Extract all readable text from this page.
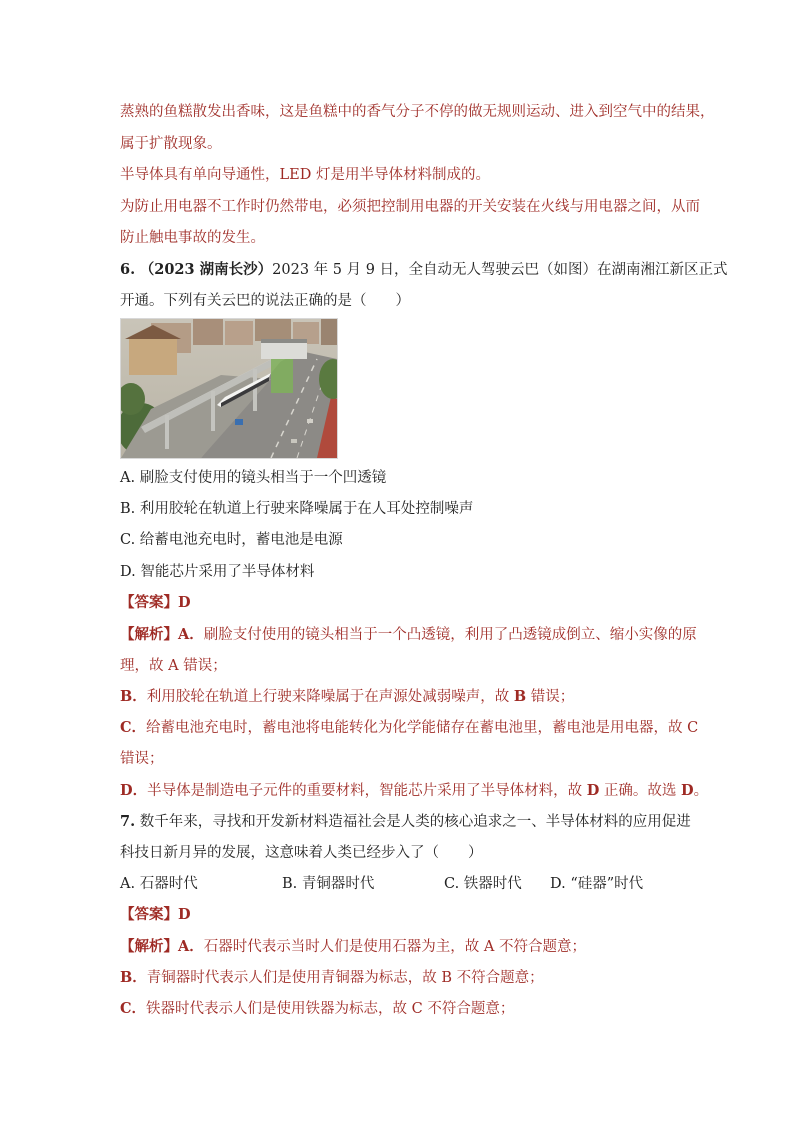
蒸熟的鱼糕散发出香味，这是鱼糕中的香气分子不停的做无规则运动、进入到空气中的结果，
属于扩散现象。
半导体具有单向导通性，LED 灯是用半导体材料制成的。
为防止用电器不工作时仍然带电，必须把控制用电器的开关安装在火线与用电器之间，从而
防止触电事故的发生。
6. （2023 湖南长沙）2023 年 5 月 9 日，全自动无人驾驶云巴（如图）在湖南湘江新区正式
开通。下列有关云巴的说法正确的是（　　）
A. 刷脸支付使用的镜头相当于一个凹透镜
B. 利用胶轮在轨道上行驶来降噪属于在人耳处控制噪声
C. 给蓄电池充电时，蓄电池是电源
D. 智能芯片采用了半导体材料
【答案】D
【解析】A．刷脸支付使用的镜头相当于一个凸透镜，利用了凸透镜成倒立、缩小实像的原
理，故 A 错误；
B．利用胶轮在轨道上行驶来降噪属于在声源处减弱噪声，故 B 错误；
C．给蓄电池充电时，蓄电池将电能转化为化学能储存在蓄电池里，蓄电池是用电器，故 C
错误；
D．半导体是制造电子元件的重要材料，智能芯片采用了半导体材料，故 D 正确。故选 D。
7. 数千年来，寻找和开发新材料造福社会是人类的核心追求之一、半导体材料的应用促进
科技日新月异的发展，这意味着人类已经步入了（　　）
A. 石器时代	B. 青铜器时代	C. 铁器时代 D. “硅器”时代
【答案】D
【解析】A．石器时代表示当时人们是使用石器为主，故 A 不符合题意；
B．青铜器时代表示人们是使用青铜器为标志，故 B 不符合题意；
C．铁器时代表示人们是使用铁器为标志，故 C 不符合题意；
